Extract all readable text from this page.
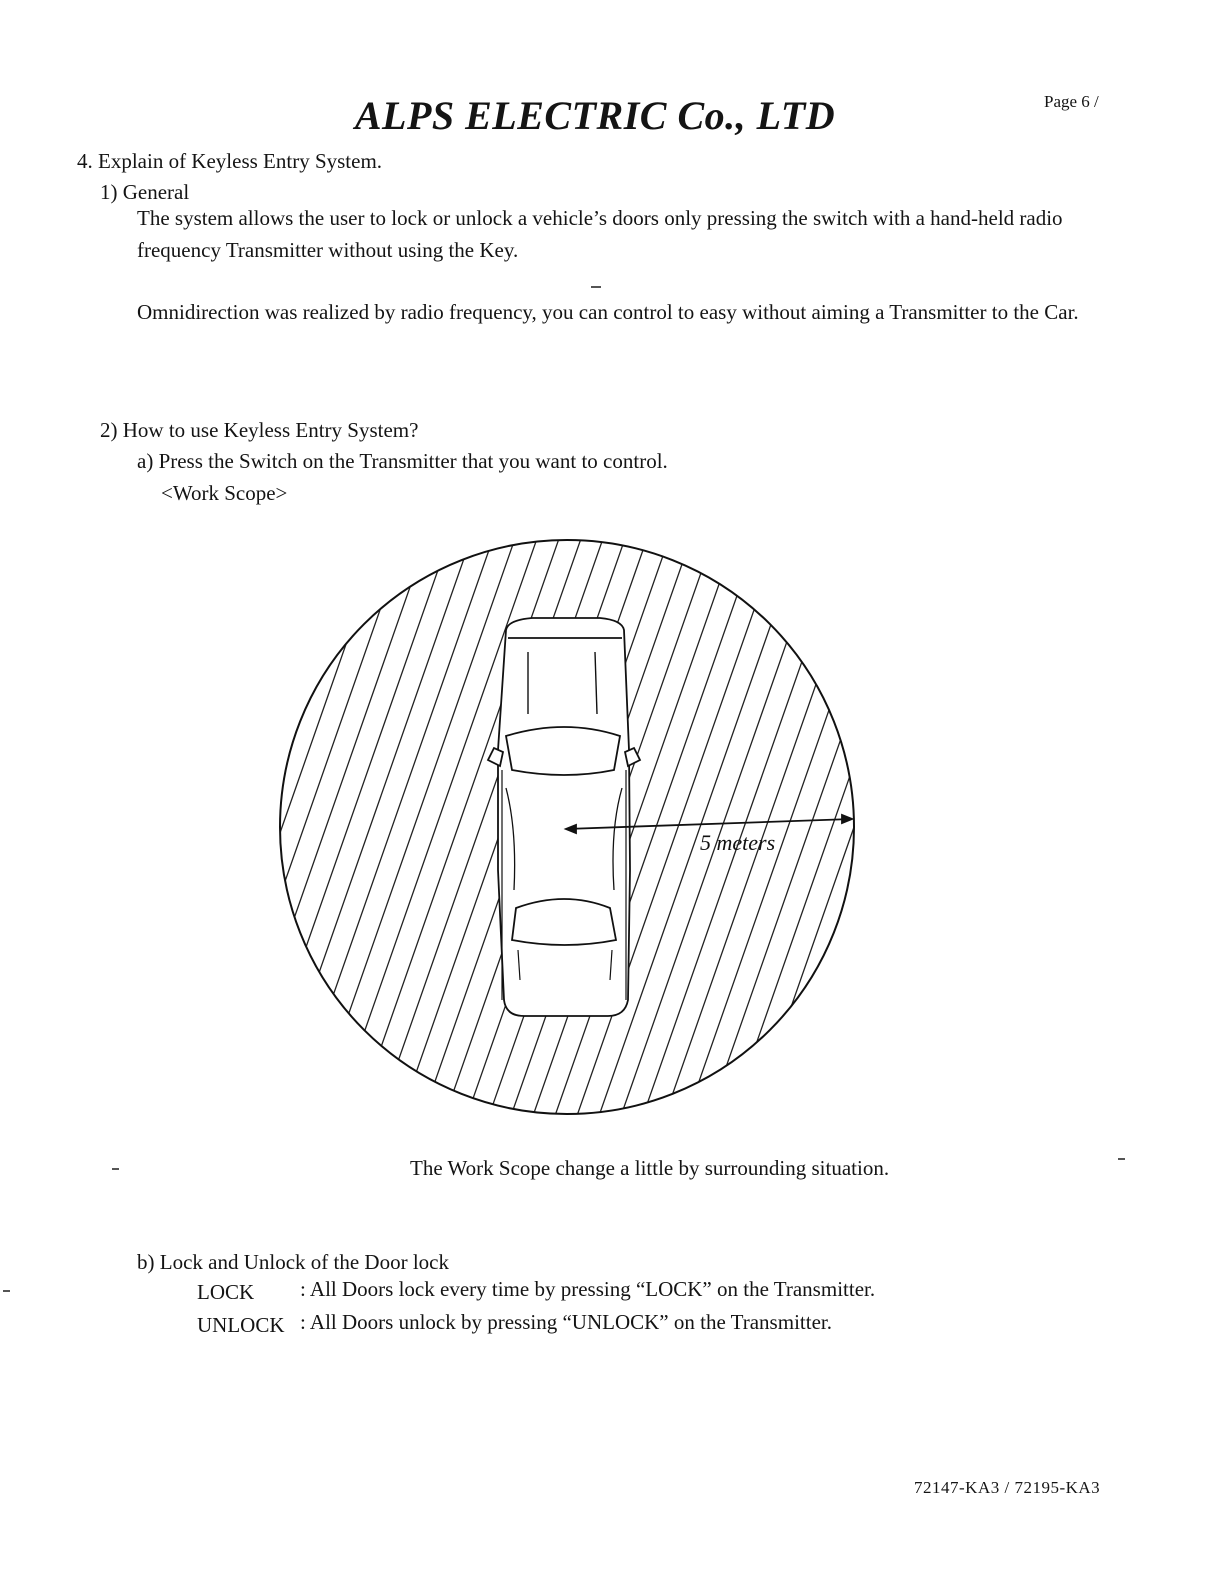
ALPS ELECTRIC Co., LTD	Page 6 /
4. Explain of Keyless Entry System.
1) General
The system allows the user to lock or unlock a vehicle’s doors only pressing the switch with a hand-held radio frequency Transmitter without using the Key.
Omnidirection was realized by radio frequency, you can control to easy without aiming a Transmitter to the Car.
2) How to use Keyless Entry System?
a) Press the Switch on the Transmitter that you want to control.
<Work Scope>
5 meters
The Work Scope change a little by surrounding situation.
b) Lock and Unlock of the Door lock
LOCK : All Doors lock every time by pressing “LOCK” on the Transmitter.
UNLOCK : All Doors unlock by pressing “UNLOCK” on the Transmitter.
72147-KA3 / 72195-KA3
